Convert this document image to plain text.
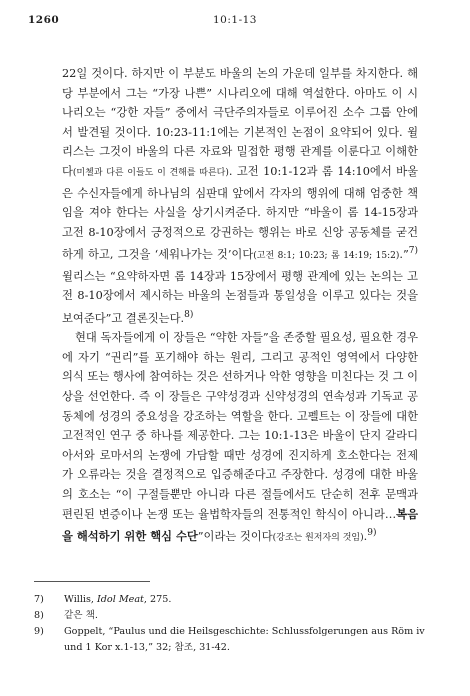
1260	10:1-13

22일 것이다. 하지만 이 부분도 바울의 논의 가운데 일부를 차지한다. 해당 부분에서 그는 “가장 나쁜” 시나리오에 대해 역설한다. 아마도 이 시나리오는 “강한 자들” 중에서 극단주의자들로 이루어진 소수 그룹 안에서 발견될 것이다. 10:23-11:1에는 기본적인 논점이 요약되어 있다. 윌리스는 그것이 바울의 다른 자료와 밀접한 평행 관계를 이룬다고 이해한다(미첼과 다른 이들도 이 견해를 따른다). 고전 10:1-12과 롬 14:10에서 바울은 수신자들에게 하나님의 심판대 앞에서 각자의 행위에 대해 엄중한 책임을 져야 한다는 사실을 상기시켜준다. 하지만 “바울이 롬 14-15장과 고전 8-10장에서 긍정적으로 강권하는 행위는 바로 신앙 공동체를 굳건하게 하고, 그것을 ‘세워나가는 것’이다(고전 8:1; 10:23; 롬 14:19; 15:2).”$^{7)}$ 윌리스는 “요약하자면 롬 14장과 15장에서 평행 관계에 있는 논의는 고전 8-10장에서 제시하는 바울의 논점들과 통일성을 이루고 있다는 것을 보여준다”고 결론짓는다.$^{8)}$

현대 독자들에게 이 장들은 “약한 자들”을 존중할 필요성, 필요한 경우에 자기 “권리”를 포기해야 하는 원리, 그리고 공적인 영역에서 다양한 의식 또는 행사에 참여하는 것은 선하거나 악한 영향을 미친다는 것 그 이상을 선언한다. 즉 이 장들은 구약성경과 신약성경의 연속성과 기독교 공동체에 성경의 중요성을 강조하는 역할을 한다. 고펠트는 이 장들에 대한 고전적인 연구 중 하나를 제공한다. 그는 10:1-13은 바울이 단지 갈라디아서와 로마서의 논쟁에 가담할 때만 성경에 진지하게 호소한다는 전제가 오류라는 것을 결정적으로 입증해준다고 주장한다. 성경에 대한 바울의 호소는 “이 구절들뿐만 아니라 다른 절들에서도 단순히 전후 문맥과 편린된 변증이나 논쟁 또는 율법학자들의 전통적인 학식이 아니라…복음을 해석하기 위한 핵심 수단”이라는 것이다(강조는 원저자의 것임).$^{9)}$

7) Willis, Idol Meat, 275.
8) 같은 책.
9) Goppelt, “Paulus und die Heilsgeschichte: Schlussfolgerungen aus Röm iv und 1 Kor x.1-13,” 32; 참조, 31-42.
